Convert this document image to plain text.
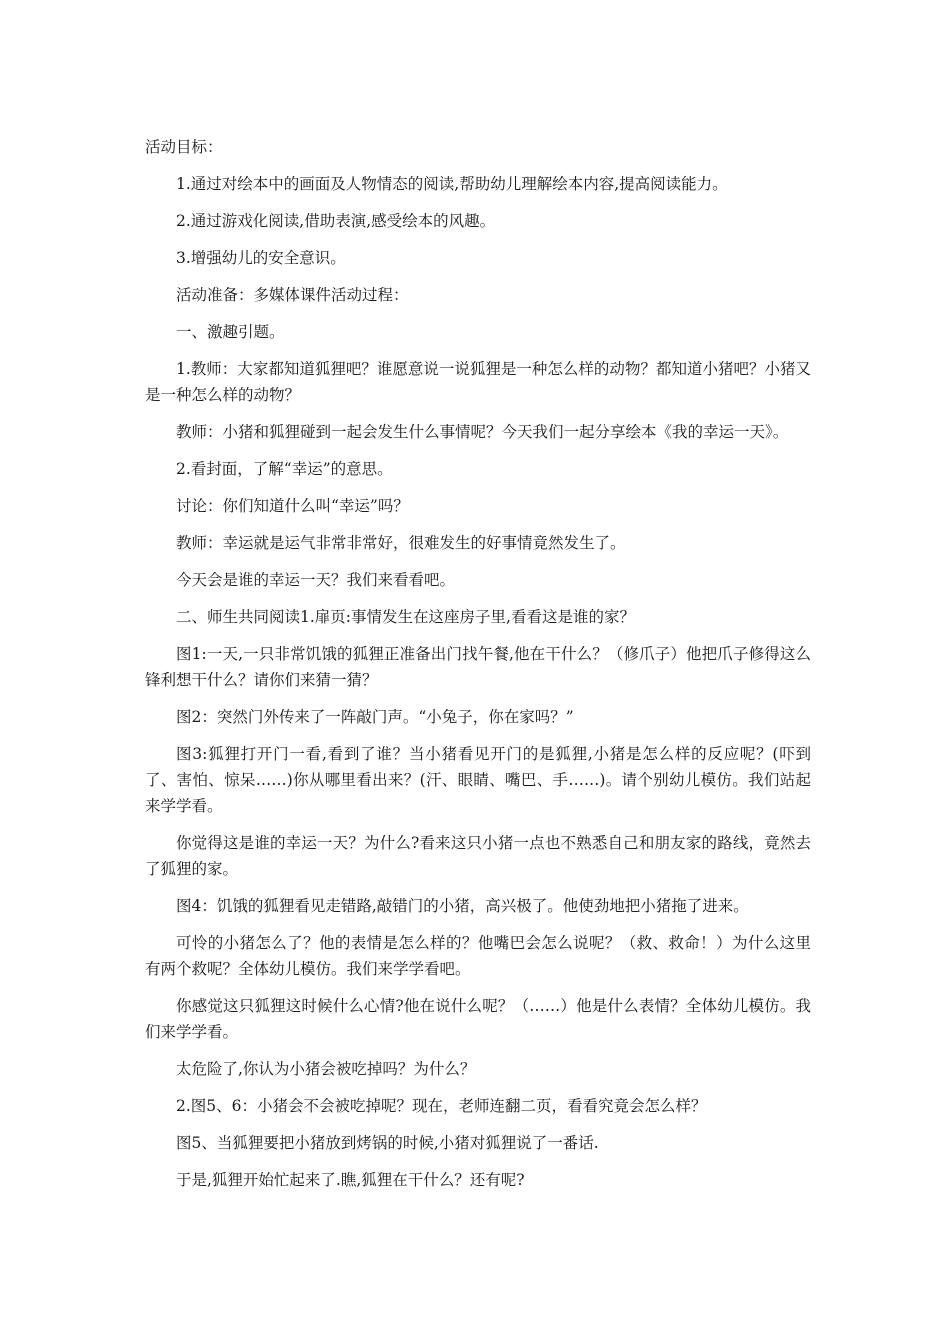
活动目标：

1.通过对绘本中的画面及人物情态的阅读,帮助幼儿理解绘本内容,提高阅读能力。

2.通过游戏化阅读,借助表演,感受绘本的风趣。

3.增强幼儿的安全意识。

活动准备：多媒体课件活动过程：

一、激趣引题。

1.教师：大家都知道狐狸吧？谁愿意说一说狐狸是一种怎么样的动物？都知道小猪吧？小猪又是一种怎么样的动物？

教师：小猪和狐狸碰到一起会发生什么事情呢？今天我们一起分享绘本《我的幸运一天》。

2.看封面，了解“幸运”的意思。

讨论：你们知道什么叫“幸运”吗？

教师：幸运就是运气非常非常好，很难发生的好事情竟然发生了。

今天会是谁的幸运一天？我们来看看吧。

二、师生共同阅读1.扉页:事情发生在这座房子里,看看这是谁的家？

图1:一天,一只非常饥饿的狐狸正准备出门找午餐,他在干什么？（修爪子）他把爪子修得这么锋利想干什么？请你们来猜一猜？

图2：突然门外传来了一阵敲门声。“小兔子，你在家吗？”

图3:狐狸打开门一看,看到了谁？当小猪看见开门的是狐狸,小猪是怎么样的反应呢？(吓到了、害怕、惊呆……)你从哪里看出来？(汗、眼睛、嘴巴、手……)。请个别幼儿模仿。我们站起来学学看。

你觉得这是谁的幸运一天？为什么?看来这只小猪一点也不熟悉自己和朋友家的路线，竟然去了狐狸的家。

图4：饥饿的狐狸看见走错路,敲错门的小猪，高兴极了。他使劲地把小猪拖了进来。

可怜的小猪怎么了？他的表情是怎么样的？他嘴巴会怎么说呢？（救、救命！）为什么这里有两个救呢？全体幼儿模仿。我们来学学看吧。

你感觉这只狐狸这时候什么心情?他在说什么呢？（……）他是什么表情？全体幼儿模仿。我们来学学看。

太危险了,你认为小猪会被吃掉吗？为什么？

2.图5、6：小猪会不会被吃掉呢？现在，老师连翻二页，看看究竟会怎么样？

图5、当狐狸要把小猪放到烤锅的时候,小猪对狐狸说了一番话.

于是,狐狸开始忙起来了.瞧,狐狸在干什么？还有呢?
